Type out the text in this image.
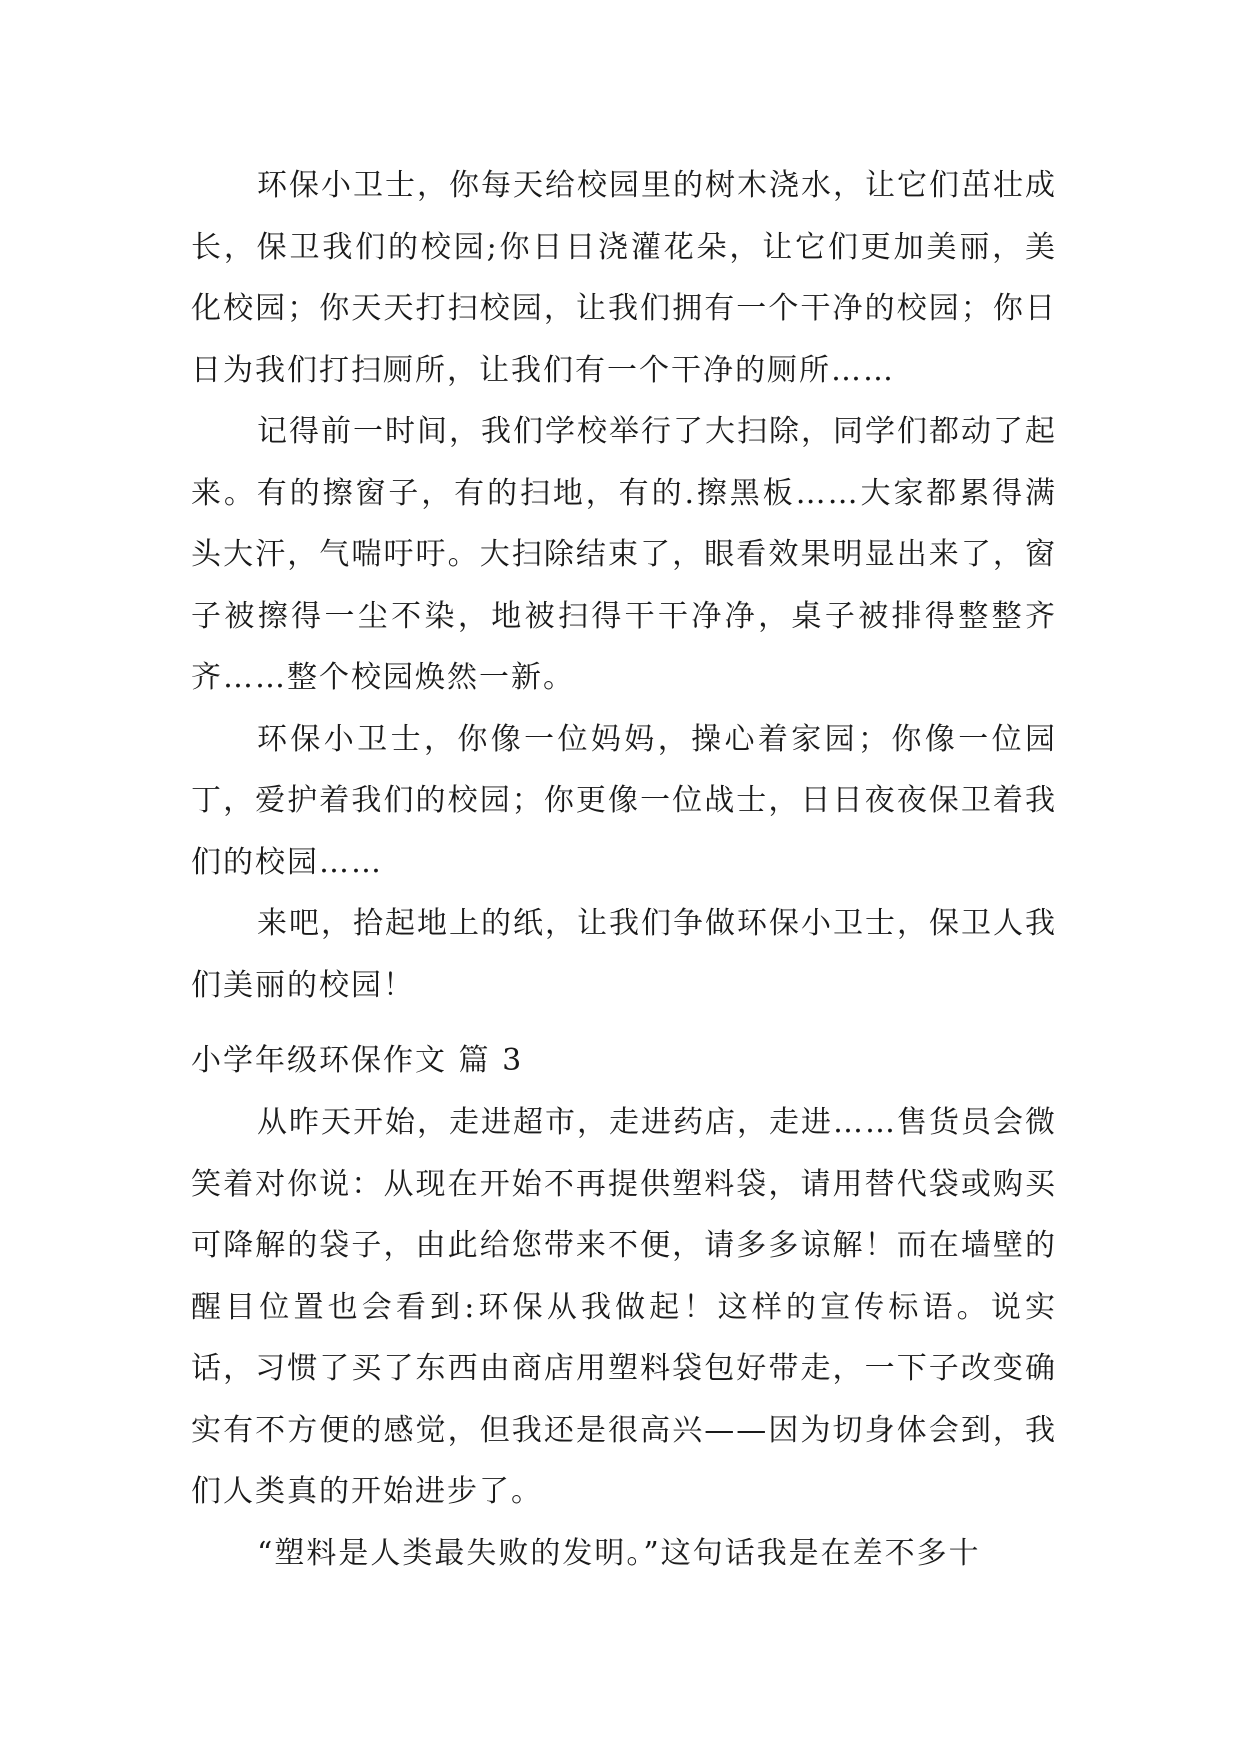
环保小卫士，你每天给校园里的树木浇水，让它们茁壮成长，保卫我们的校园;你日日浇灌花朵，让它们更加美丽，美化校园；你天天打扫校园，让我们拥有一个干净的校园；你日日为我们打扫厕所，让我们有一个干净的厕所……

记得前一时间，我们学校举行了大扫除，同学们都动了起来。有的擦窗子，有的扫地，有的.擦黑板……大家都累得满头大汗，气喘吁吁。大扫除结束了，眼看效果明显出来了，窗子被擦得一尘不染，地被扫得干干净净，桌子被排得整整齐齐……整个校园焕然一新。

环保小卫士，你像一位妈妈，操心着家园；你像一位园丁，爱护着我们的校园；你更像一位战士，日日夜夜保卫着我们的校园……

来吧，拾起地上的纸，让我们争做环保小卫士，保卫人我们美丽的校园！

小学年级环保作文 篇 3

从昨天开始，走进超市，走进药店，走进……售货员会微笑着对你说：从现在开始不再提供塑料袋，请用替代袋或购买可降解的袋子，由此给您带来不便，请多多谅解！而在墙壁的醒目位置也会看到:环保从我做起！这样的宣传标语。说实话，习惯了买了东西由商店用塑料袋包好带走，一下子改变确实有不方便的感觉，但我还是很高兴——因为切身体会到，我们人类真的开始进步了。

“塑料是人类最失败的发明。”这句话我是在差不多十
